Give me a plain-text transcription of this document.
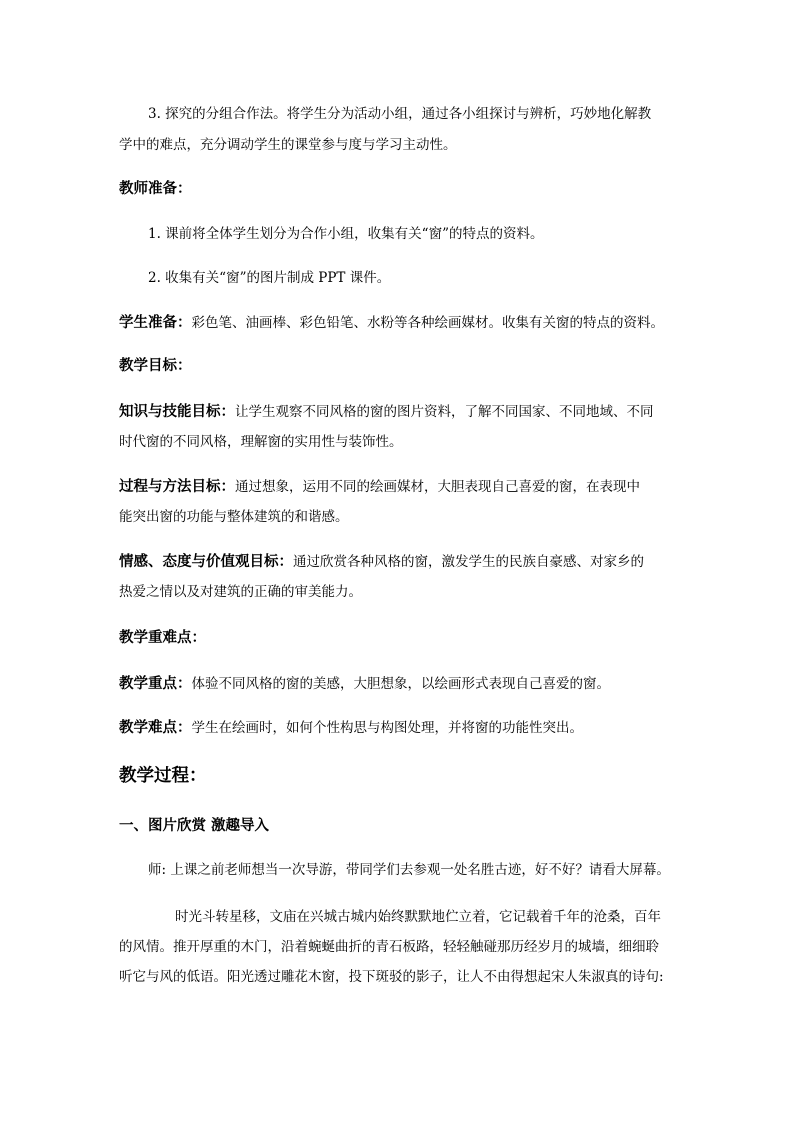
3. 探究的分组合作法。将学生分为活动小组，通过各小组探讨与辨析，巧妙地化解教
学中的难点，充分调动学生的课堂参与度与学习主动性。
教师准备：
1. 课前将全体学生划分为合作小组，收集有关“窗”的特点的资料。
2. 收集有关“窗”的图片制成 PPT 课件。
学生准备：彩色笔、油画棒、彩色铅笔、水粉等各种绘画媒材。收集有关窗的特点的资料。
教学目标：
知识与技能目标：让学生观察不同风格的窗的图片资料，了解不同国家、不同地域、不同
时代窗的不同风格，理解窗的实用性与装饰性。
过程与方法目标：通过想象，运用不同的绘画媒材，大胆表现自己喜爱的窗，在表现中
能突出窗的功能与整体建筑的和谐感。
情感、态度与价值观目标：通过欣赏各种风格的窗，激发学生的民族自豪感、对家乡的
热爱之情以及对建筑的正确的审美能力。
教学重难点：
教学重点：体验不同风格的窗的美感，大胆想象，以绘画形式表现自己喜爱的窗。
教学难点：学生在绘画时，如何个性构思与构图处理，并将窗的功能性突出。
教学过程：
一、图片欣赏 激趣导入
师: 上课之前老师想当一次导游，带同学们去参观一处名胜古迹，好不好？请看大屏幕。
时光斗转星移，文庙在兴城古城内始终默默地伫立着，它记载着千年的沧桑，百年
的风情。推开厚重的木门，沿着蜿蜒曲折的青石板路，轻轻触碰那历经岁月的城墙，细细聆
听它与风的低语。阳光透过雕花木窗，投下斑驳的影子，让人不由得想起宋人朱淑真的诗句:
